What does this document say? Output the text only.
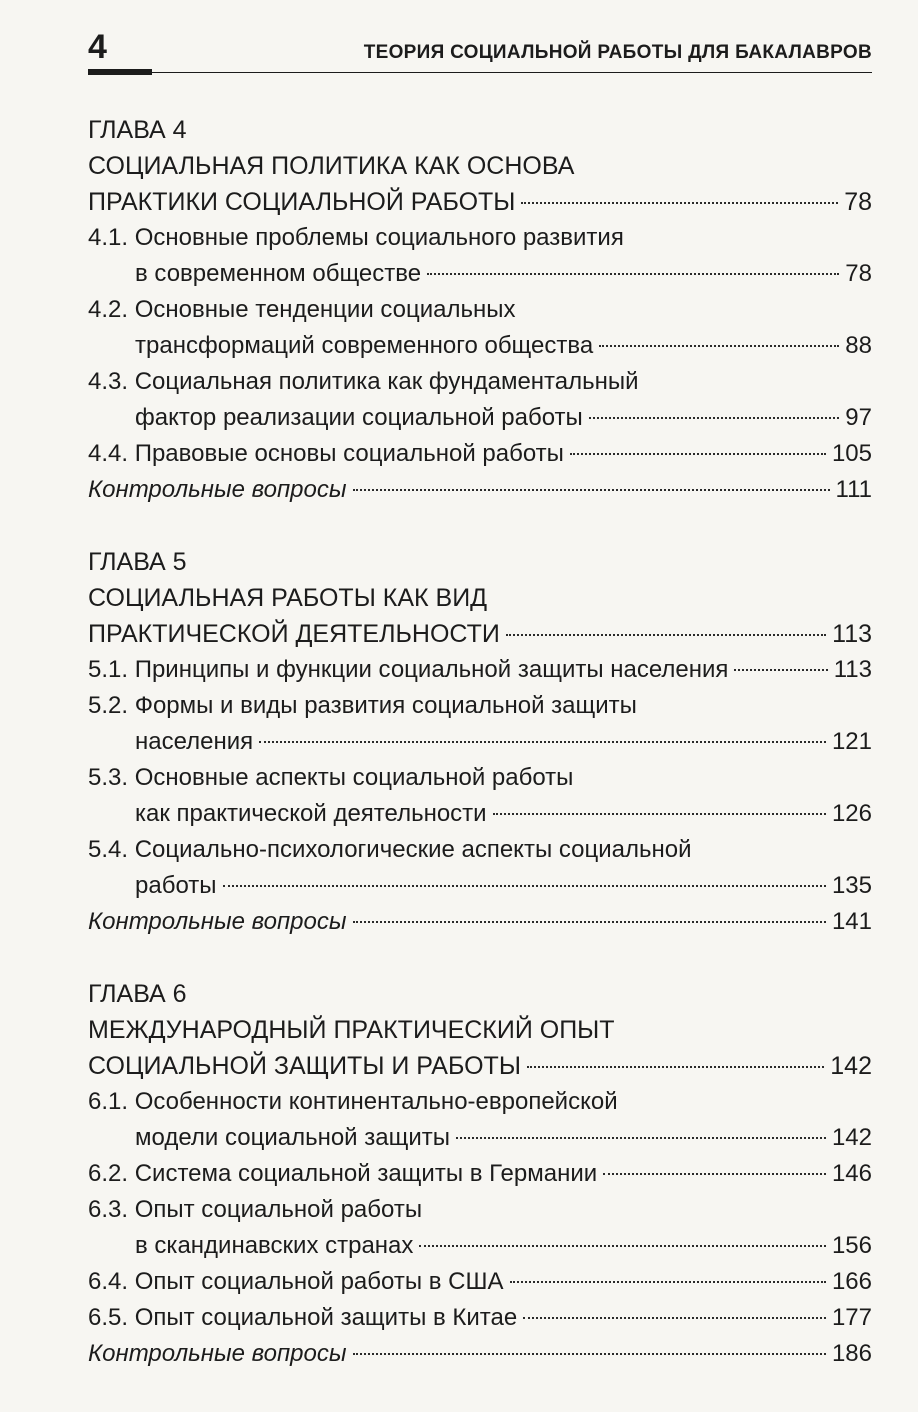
4	ТЕОРИЯ СОЦИАЛЬНОЙ РАБОТЫ ДЛЯ БАКАЛАВРОВ
ГЛАВА 4
СОЦИАЛЬНАЯ ПОЛИТИКА КАК ОСНОВА
ПРАКТИКИ СОЦИАЛЬНОЙ РАБОТЫ	78
4.1. Основные проблемы социального развития
в современном обществе	78
4.2. Основные тенденции социальных
трансформаций современного общества	88
4.3. Социальная политика как фундаментальный
фактор реализации социальной работы	97
4.4. Правовые основы социальной работы	105
Контрольные вопросы	111
ГЛАВА 5
СОЦИАЛЬНАЯ РАБОТЫ КАК ВИД
ПРАКТИЧЕСКОЙ ДЕЯТЕЛЬНОСТИ	113
5.1. Принципы и функции социальной защиты населения	113
5.2. Формы и виды развития социальной защиты
населения	121
5.3. Основные аспекты социальной работы
как практической деятельности	126
5.4. Социально-психологические аспекты социальной
работы	135
Контрольные вопросы	141
ГЛАВА 6
МЕЖДУНАРОДНЫЙ ПРАКТИЧЕСКИЙ ОПЫТ
СОЦИАЛЬНОЙ ЗАЩИТЫ И РАБОТЫ	142
6.1. Особенности континентально-европейской
модели социальной защиты	142
6.2. Система социальной защиты в Германии	146
6.3. Опыт социальной работы
в скандинавских странах	156
6.4. Опыт социальной работы в США	166
6.5. Опыт социальной защиты в Китае	177
Контрольные вопросы	186
